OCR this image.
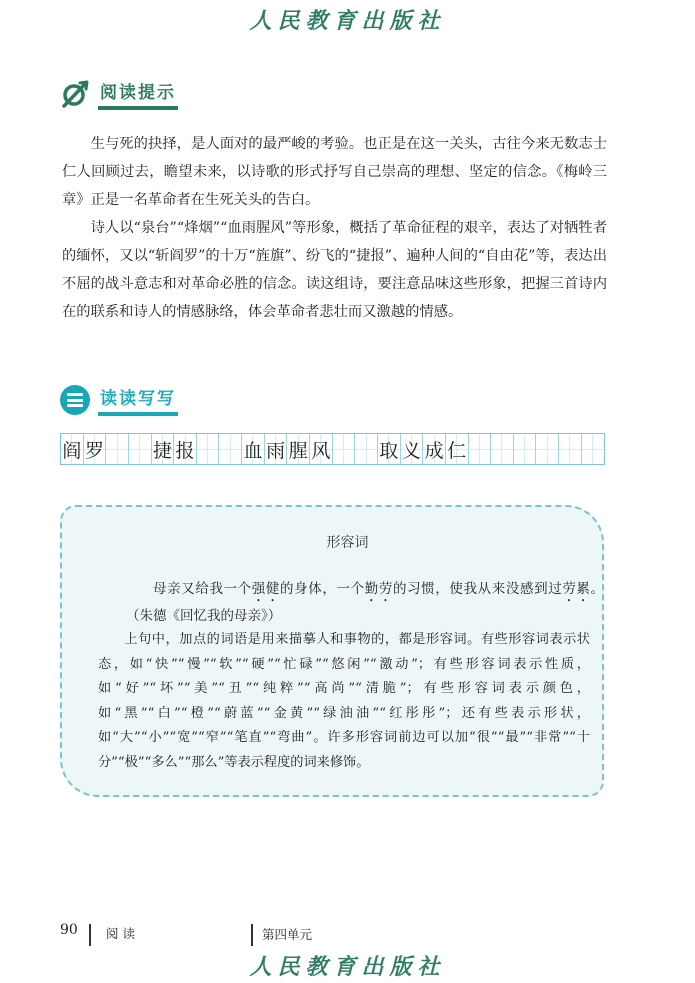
人民教育出版社
阅读提示

生与死的抉择，是人面对的最严峻的考验。也正是在这一关头，古往今来无数志士仁人回顾过去，瞻望未来，以诗歌的形式抒写自己崇高的理想、坚定的信念。《梅岭三章》正是一名革命者在生死关头的告白。

诗人以“泉台”“烽烟”“血雨腥风”等形象，概括了革命征程的艰辛，表达了对牺牲者的缅怀，又以“斩阎罗”的十万“旌旗”、纷飞的“捷报”、遍种人间的“自由花”等，表达出不屈的战斗意志和对革命必胜的信念。读这组诗，要注意品味这些形象，把握三首诗内在的联系和诗人的情感脉络，体会革命者悲壮而又激越的情感。

读读写写
阎 罗	捷 报	血 雨 腥 风	取 义 成 仁
形容词

母亲又给我一个强健的身体，一个勤劳的习惯，使我从来没感到过劳累。（朱德《回忆我的母亲》）

上句中，加点的词语是用来描摹人和事物的，都是形容词。有些形容词表示状态，如“快”“慢”“软”“硬”“忙碌”“悠闲”“激动”；有些形容词表示性质，如“好”“坏”“美”“丑”“纯粹”“高尚”“清脆”；有些形容词表示颜色，如“黑”“白”“橙”“蔚蓝”“金黄”“绿油油”“红彤彤”；还有些表示形状，如“大”“小”“宽”“窄”“笔直”“弯曲”。许多形容词前边可以加“很”“最”“非常”“十分”“极”“多么”“那么”等表示程度的词来修饰。

90 阅读	第四单元
人民教育出版社
